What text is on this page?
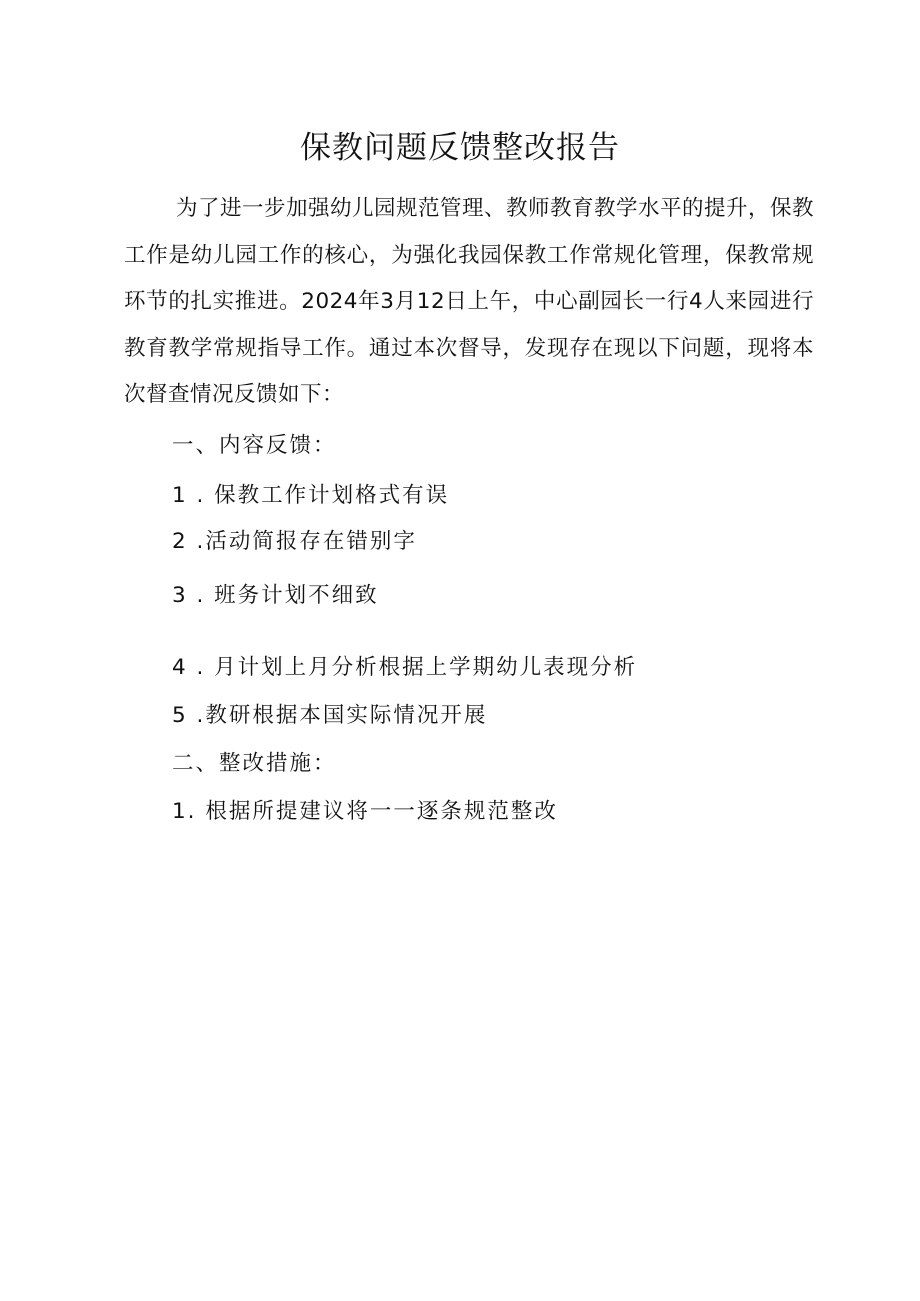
保教问题反馈整改报告

为了进一步加强幼儿园规范管理、教师教育教学水平的提升，保教工作是幼儿园工作的核心，为强化我园保教工作常规化管理，保教常规环节的扎实推进。2024年3月12日上午，中心副园长一行4人来园进行教育教学常规指导工作。通过本次督导，发现存在现以下问题，现将本次督查情况反馈如下：

一、内容反馈：
1 . 保教工作计划格式有误
2 .活动简报存在错别字
3 . 班务计划不细致
4 . 月计划上月分析根据上学期幼儿表现分析
5 .教研根据本国实际情况开展
二、整改措施：
1. 根据所提建议将一一逐条规范整改
